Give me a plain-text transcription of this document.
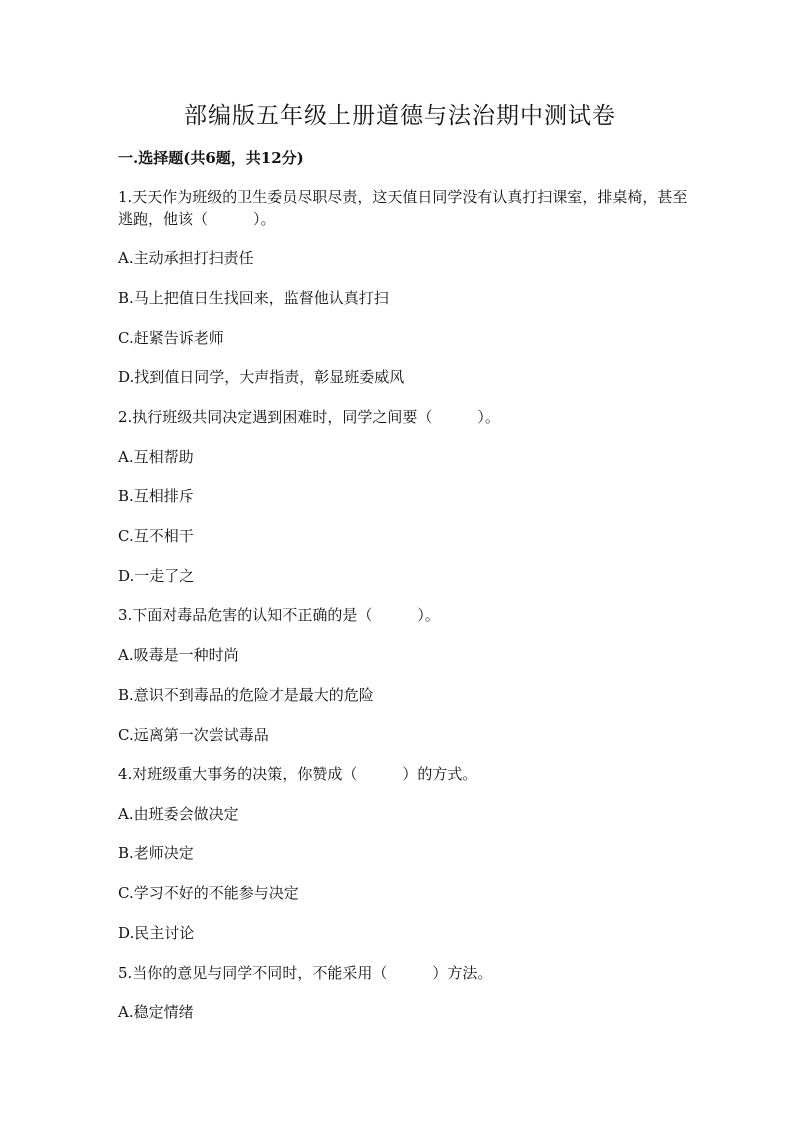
部编版五年级上册道德与法治期中测试卷
一.选择题(共6题，共12分)

1.天天作为班级的卫生委员尽职尽责，这天值日同学没有认真打扫课室，排桌椅，甚至逃跑，他该（　　　）。

A.主动承担打扫责任

B.马上把值日生找回来，监督他认真打扫

C.赶紧告诉老师

D.找到值日同学，大声指责，彰显班委威风

2.执行班级共同决定遇到困难时，同学之间要（　　　）。

A.互相帮助

B.互相排斥

C.互不相干

D.一走了之

3.下面对毒品危害的认知不正确的是（　　　）。

A.吸毒是一种时尚

B.意识不到毒品的危险才是最大的危险

C.远离第一次尝试毒品

4.对班级重大事务的决策，你赞成（　　　）的方式。

A.由班委会做决定

B.老师决定

C.学习不好的不能参与决定

D.民主讨论

5.当你的意见与同学不同时，不能采用（　　　）方法。

A.稳定情绪
